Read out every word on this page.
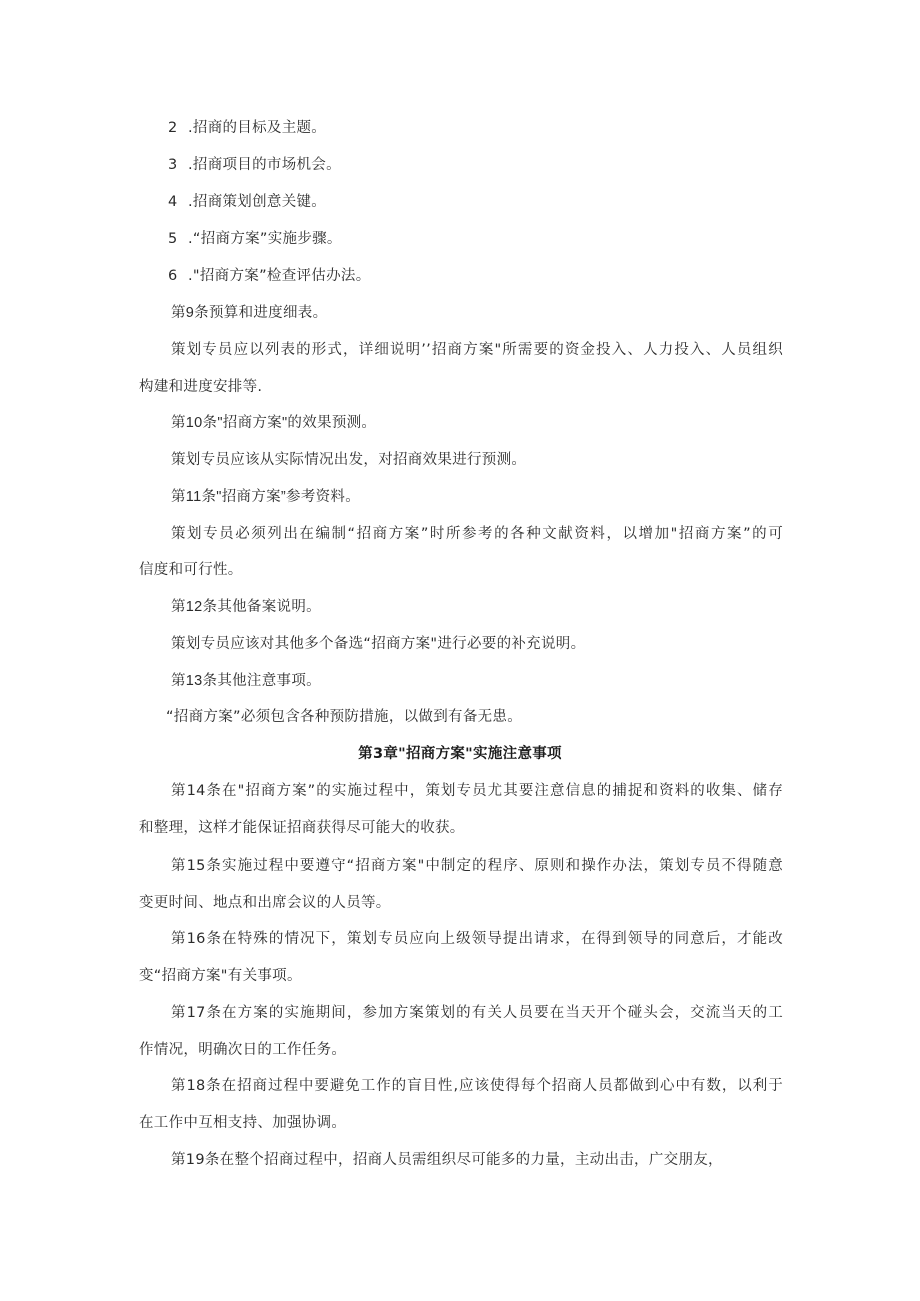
2 .招商的目标及主题。
3 .招商项目的市场机会。
4 .招商策划创意关键。
5 .“招商方案”实施步骤。
6 ."招商方案”检查评估办法。
第9条预算和进度细表。
策划专员应以列表的形式，详细说明’’招商方案"所需要的资金投入、人力投入、人员组织
构建和进度安排等.
第10条"招商方案"的效果预测。
策划专员应该从实际情况出发，对招商效果进行预测。
第11条"招商方案”参考资料。
策划专员必须列出在编制“招商方案”时所参考的各种文献资料，以增加"招商方案”的可
信度和可行性。
第12条其他备案说明。
策划专员应该对其他多个备选“招商方案"进行必要的补充说明。
第13条其他注意事项。
“招商方案”必须包含各种预防措施，以做到有备无患。
第3章"招商方案"实施注意事项
第14条在"招商方案”的实施过程中，策划专员尤其要注意信息的捕捉和资料的收集、储存
和整理，这样才能保证招商获得尽可能大的收获。
第15条实施过程中要遵守“招商方案"中制定的程序、原则和操作办法，策划专员不得随意
变更时间、地点和出席会议的人员等。
第16条在特殊的情况下，策划专员应向上级领导提出请求，在得到领导的同意后，才能改
变“招商方案"有关事项。
第17条在方案的实施期间，参加方案策划的有关人员要在当天开个碰头会，交流当天的工
作情况，明确次日的工作任务。
第18条在招商过程中要避免工作的盲目性,应该使得每个招商人员都做到心中有数，以利于
在工作中互相支持、加强协调。
第19条在整个招商过程中，招商人员需组织尽可能多的力量，主动出击，广交朋友，
